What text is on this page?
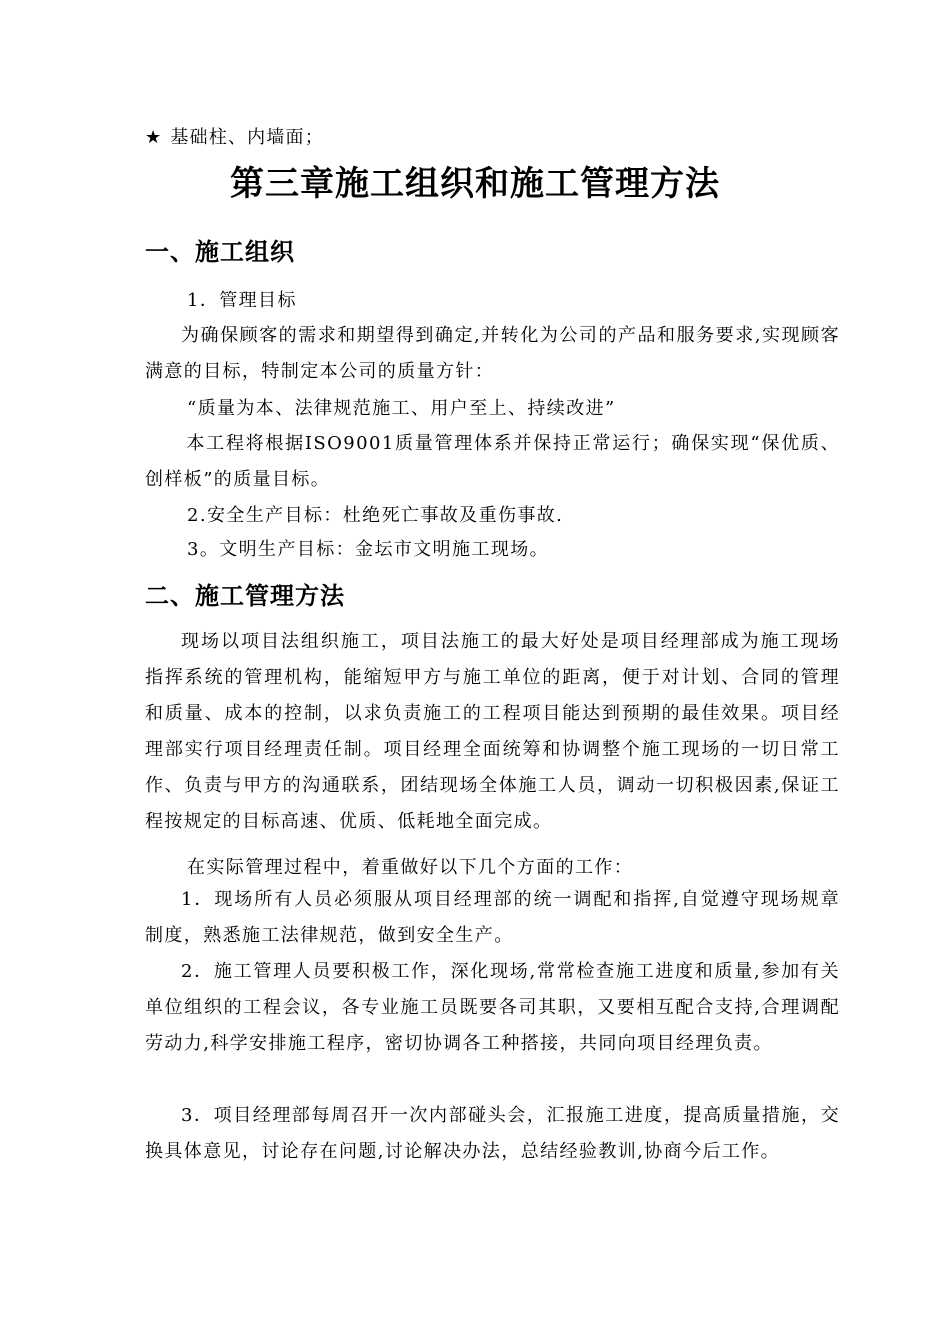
★ 基础柱、内墙面；
第三章施工组织和施工管理方法
一、施工组织
1．管理目标

为确保顾客的需求和期望得到确定,并转化为公司的产品和服务要求,实现顾客满意的目标，特制定本公司的质量方针：

“质量为本、法律规范施工、用户至上、持续改进”

本工程将根据ISO9001质量管理体系并保持正常运行；确保实现“保优质、创样板”的质量目标。

2.安全生产目标：杜绝死亡事故及重伤事故.
3。文明生产目标：金坛市文明施工现场。
二、施工管理方法

现场以项目法组织施工，项目法施工的最大好处是项目经理部成为施工现场指挥系统的管理机构，能缩短甲方与施工单位的距离，便于对计划、合同的管理和质量、成本的控制，以求负责施工的工程项目能达到预期的最佳效果。项目经理部实行项目经理责任制。项目经理全面统筹和协调整个施工现场的一切日常工作、负责与甲方的沟通联系，团结现场全体施工人员，调动一切积极因素,保证工程按规定的目标高速、优质、低耗地全面完成。

在实际管理过程中，着重做好以下几个方面的工作：

1．现场所有人员必须服从项目经理部的统一调配和指挥,自觉遵守现场规章制度，熟悉施工法律规范，做到安全生产。

2．施工管理人员要积极工作，深化现场,常常检查施工进度和质量,参加有关单位组织的工程会议，各专业施工员既要各司其职，又要相互配合支持,合理调配劳动力,科学安排施工程序，密切协调各工种搭接，共同向项目经理负责。

3．项目经理部每周召开一次内部碰头会，汇报施工进度，提高质量措施，交换具体意见，讨论存在问题,讨论解决办法，总结经验教训,协商今后工作。
